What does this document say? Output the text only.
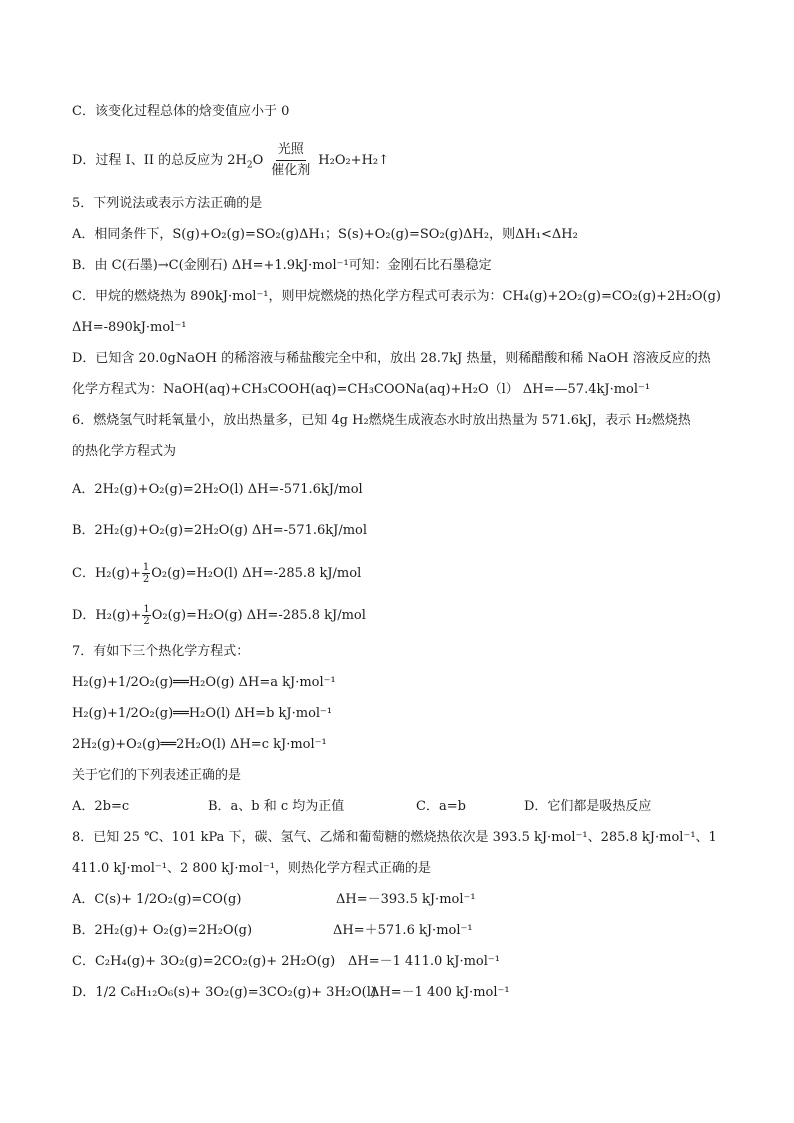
C．该变化过程总体的焓变值应小于 0
D．过程 I、II 的总反应为 $2H_2O$
光照
催化剂
H₂O₂+H₂↑
5．下列说法或表示方法正确的是
A．相同条件下，S(g)+O₂(g)=SO₂(g)ΔH₁；S(s)+O₂(g)=SO₂(g)ΔH₂，则ΔH₁<ΔH₂
B．由 C(石墨)→C(金刚石) ΔH=+1.9kJ·mol⁻¹可知：金刚石比石墨稳定
C．甲烷的燃烧热为 890kJ·mol⁻¹，则甲烷燃烧的热化学方程式可表示为：CH₄(g)+2O₂(g)=CO₂(g)+2H₂O(g)
ΔH=-890kJ·mol⁻¹
D．已知含 20.0gNaOH 的稀溶液与稀盐酸完全中和，放出 28.7kJ 热量，则稀醋酸和稀 NaOH 溶液反应的热
化学方程式为：NaOH(aq)+CH₃COOH(aq)=CH₃COONa(aq)+H₂O（l） ΔH=—57.4kJ·mol⁻¹
6．燃烧氢气时耗氧量小，放出热量多，已知 4g H₂燃烧生成液态水时放出热量为 571.6kJ，表示 H₂燃烧热
的热化学方程式为
A．2H₂(g)+O₂(g)=2H₂O(l) ΔH=-571.6kJ/mol
B．2H₂(g)+O₂(g)=2H₂O(g) ΔH=-571.6kJ/mol
C．$H_2(g)+ \frac{1}{2} O_2(g)=H_2O(l)$ ΔH=-285.8 kJ/mol
D．$H_2(g)+ \frac{1}{2} O_2(g)=H_2O(g)$ ΔH=-285.8 kJ/mol
7．有如下三个热化学方程式：
H₂(g)+1/2O₂(g)══H₂O(g) ΔH=a kJ·mol⁻¹
H₂(g)+1/2O₂(g)══H₂O(l) ΔH=b kJ·mol⁻¹
2H₂(g)+O₂(g)══2H₂O(l) ΔH=c kJ·mol⁻¹
关于它们的下列表述正确的是
A．2b=c	B．a、b 和 c 均为正值	C．a=b	D．它们都是吸热反应
8．已知 25 ℃、101 kPa 下，碳、氢气、乙烯和葡萄糖的燃烧热依次是 393.5 kJ·mol⁻¹、285.8 kJ·mol⁻¹、1
411.0 kJ·mol⁻¹、2 800 kJ·mol⁻¹，则热化学方程式正确的是
A．C(s)+ 1/2O₂(g)=CO(g)	ΔH=－393.5 kJ·mol⁻¹
B．2H₂(g)+ O₂(g)=2H₂O(g)	ΔH=＋571.6 kJ·mol⁻¹
C．C₂H₄(g)+ 3O₂(g)=2CO₂(g)+ 2H₂O(g) ΔH=－1 411.0 kJ·mol⁻¹
D．1/2 C₆H₁₂O₆(s)+ 3O₂(g)=3CO₂(g)+ 3H₂O(l)
ΔH=－1 400 kJ·mol⁻¹
